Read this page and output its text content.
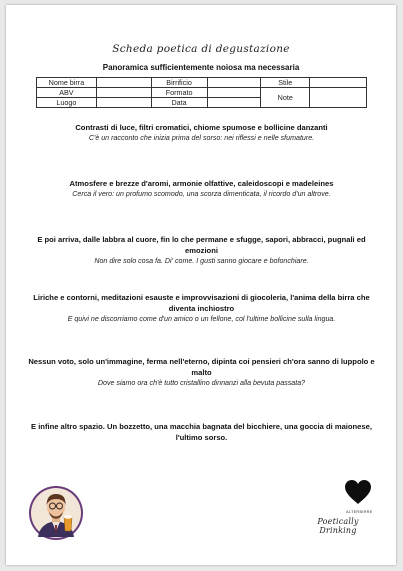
Scheda poetica di degustazione
Panoramica sufficientemente noiosa ma necessaria
Nome birra		Birrificio		Stile	
ABV		Formato		Note	
Luogo		Data			
Contrasti di luce, filtri cromatici, chiome spumose e bollicine danzanti
C'è un racconto che inizia prima del sorso: nei riflessi e nelle sfumature.
Atmosfere e brezze d'aromi, armonie olfattive, caleidoscopi e madeleines
Cerca il vero: un profumo scomodo, una scorza dimenticata, il ricordo d'un altrove.
E poi arriva, dalle labbra al cuore, fin lo che permane e sfugge, sapori, abbracci, pugnali ed emozioni
Non dire solo cosa fa. Di' come. I gusti sanno giocare e bofonchiare.
Liriche e contorni, meditazioni esauste e improvvisazioni di giocoleria, l'anima della birra che diventa inchiostro
E quivi ne discorriamo come d'un amico o un fellone, col l'ultime bollicine sulla lingua.
Nessun voto, solo un'immagine, ferma nell'eterno, dipinta coi pensieri ch'ora sanno di luppolo e malto
Dove siamo ora ch'è tutto cristallino dinnanzi alla bevuta passata?
E infine altro spazio. Un bozzetto, una macchia bagnata del bicchiere, una goccia di maionese, l'ultimo sorso.
ALTERBIRRE
Poetically Drinking
